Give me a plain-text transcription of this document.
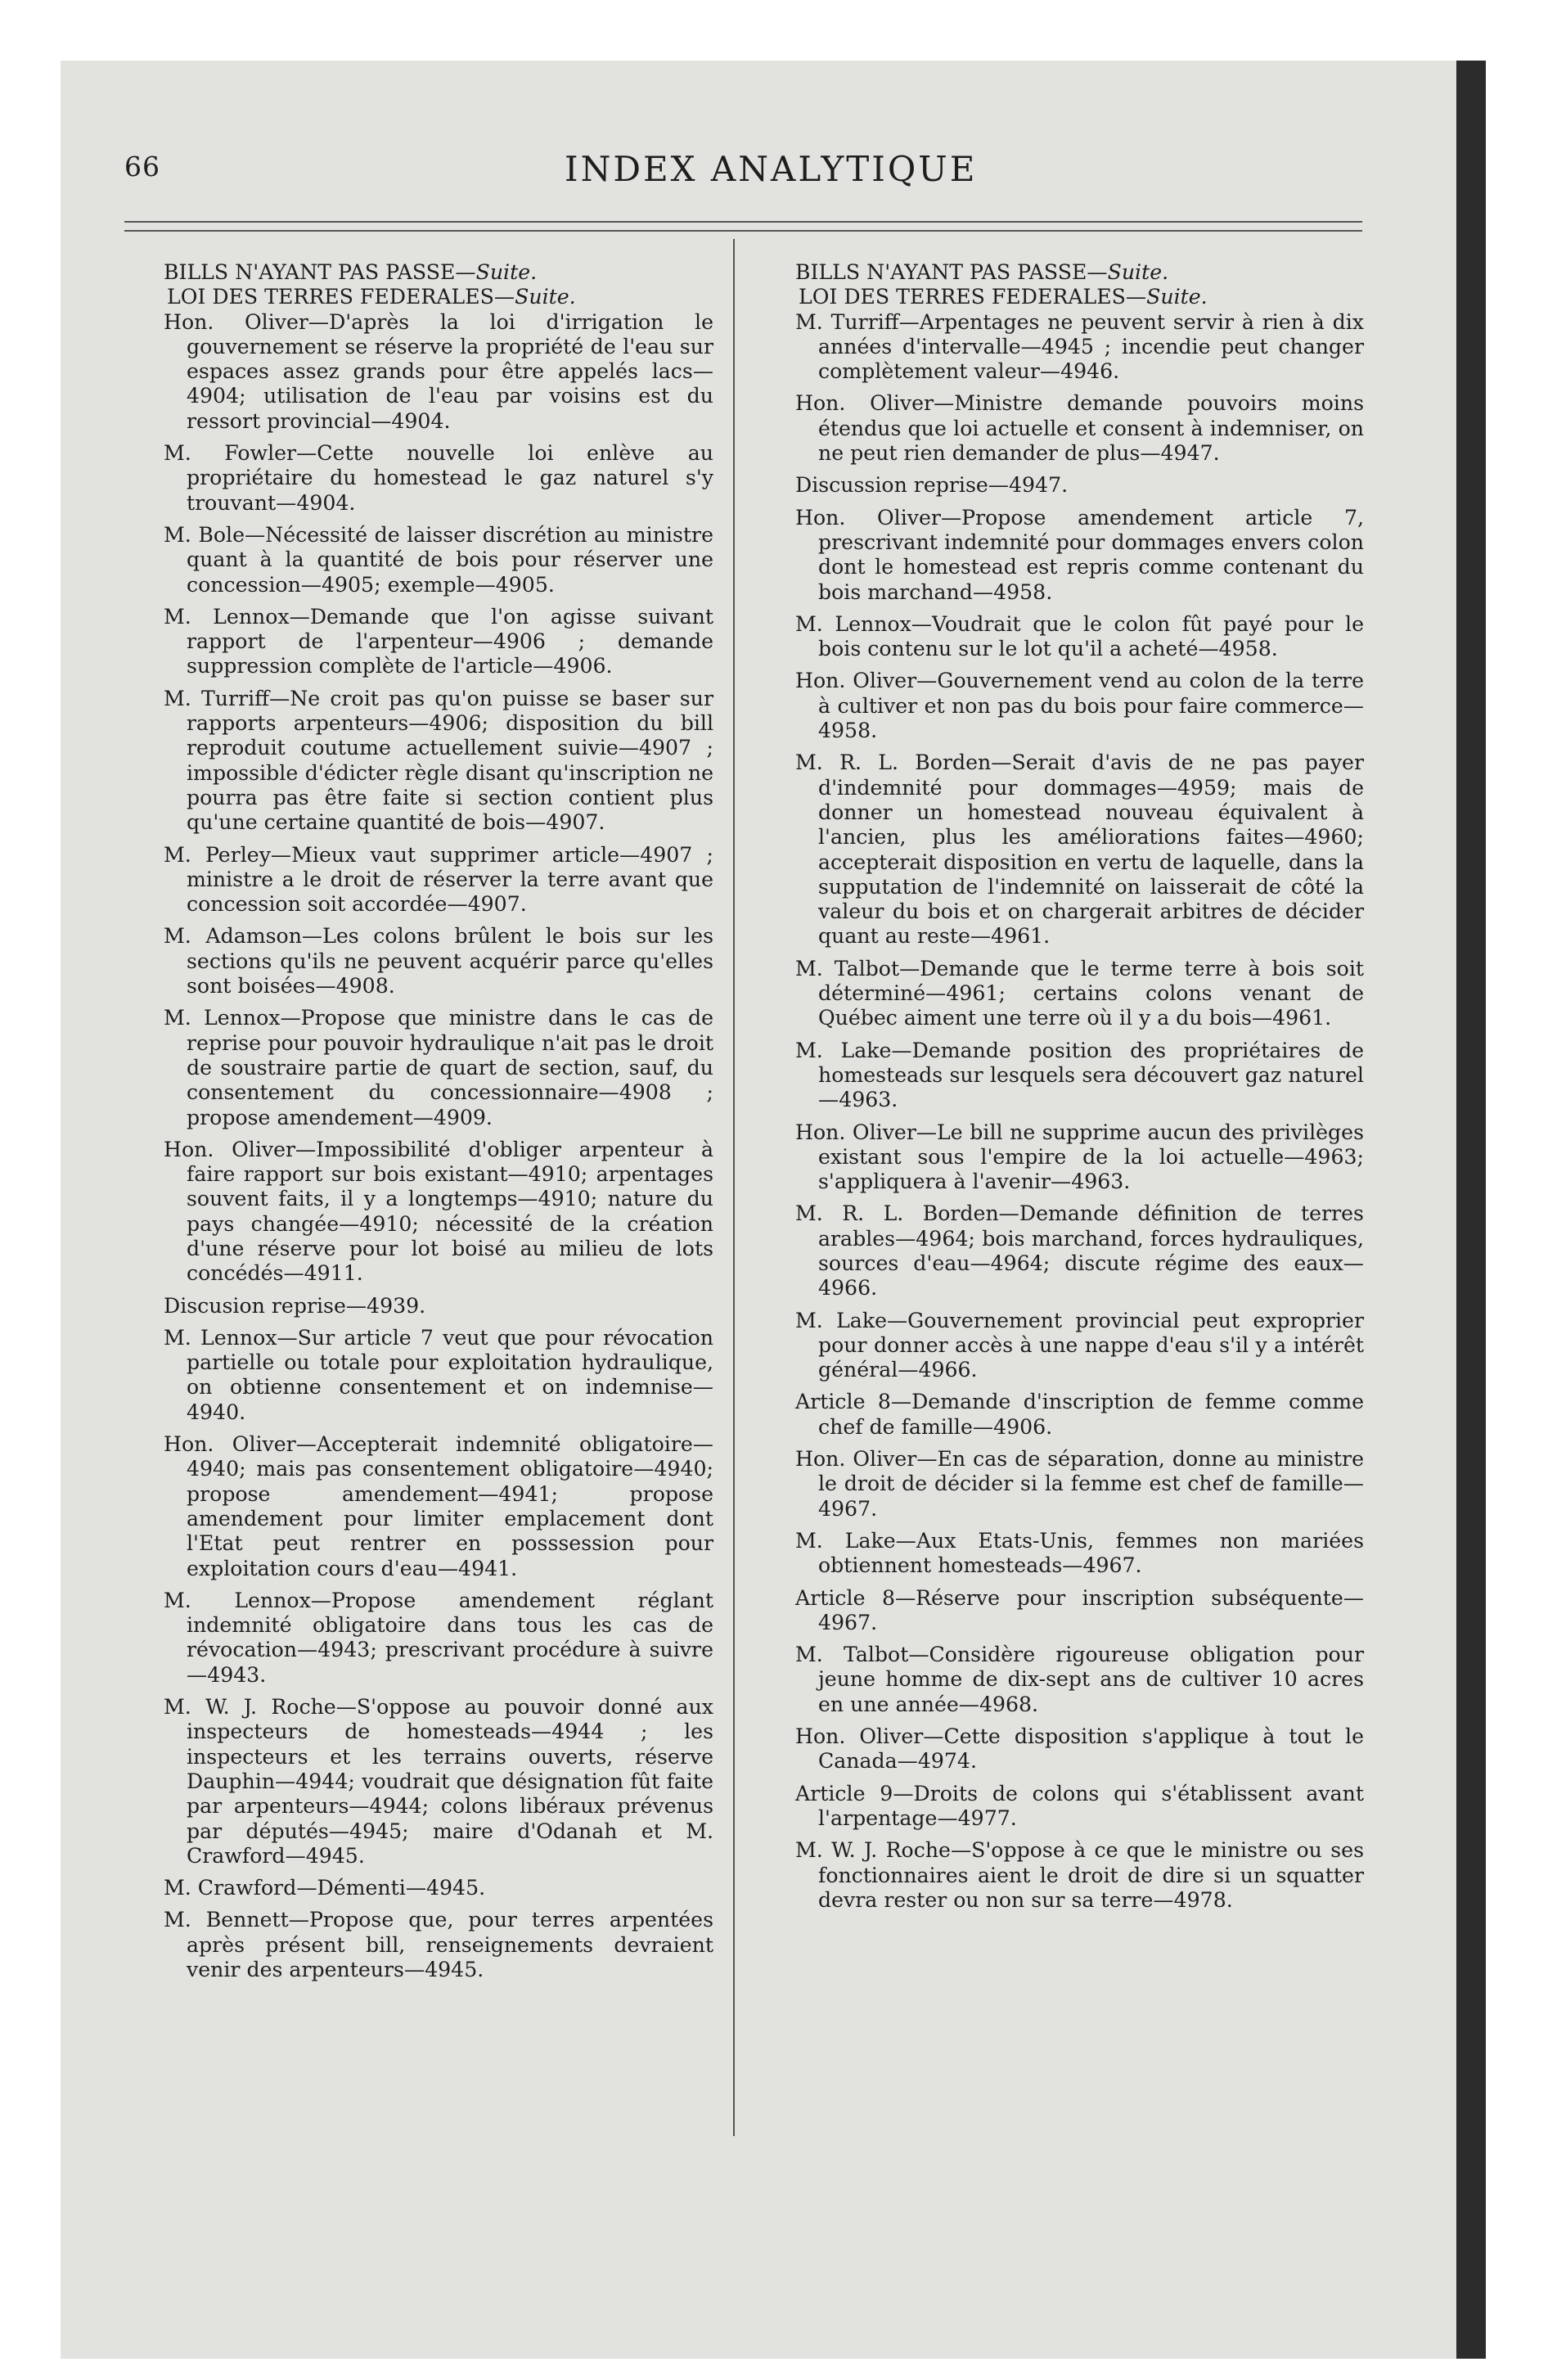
66	INDEX ANALYTIQUE

BILLS N'AYANT PAS PASSE—Suite.

LOI DES TERRES FEDERALES—Suite.

Hon. Oliver—D'après la loi d'irrigation le gouvernement se réserve la propriété de l'eau sur espaces assez grands pour être appelés lacs—4904; utilisation de l'eau par voisins est du ressort provincial—4904.

M. Fowler—Cette nouvelle loi enlève au propriétaire du homestead le gaz naturel s'y trouvant—4904.

M. Bole—Nécessité de laisser discrétion au ministre quant à la quantité de bois pour réserver une concession—4905; exemple—4905.

M. Lennox—Demande que l'on agisse suivant rapport de l'arpenteur—4906 ; demande suppression complète de l'article—4906.

M. Turriff—Ne croit pas qu'on puisse se baser sur rapports arpenteurs—4906; disposition du bill reproduit coutume actuellement suivie—4907 ; impossible d'édicter règle disant qu'inscription ne pourra pas être faite si section contient plus qu'une certaine quantité de bois—4907.

M. Perley—Mieux vaut supprimer article—4907 ; ministre a le droit de réserver la terre avant que concession soit accordée—4907.

M. Adamson—Les colons brûlent le bois sur les sections qu'ils ne peuvent acquérir parce qu'elles sont boisées—4908.

M. Lennox—Propose que ministre dans le cas de reprise pour pouvoir hydraulique n'ait pas le droit de soustraire partie de quart de section, sauf, du consentement du concessionnaire—4908 ; propose amendement—4909.

Hon. Oliver—Impossibilité d'obliger arpenteur à faire rapport sur bois existant—4910; arpentages souvent faits, il y a longtemps—4910; nature du pays changée—4910; nécessité de la création d'une réserve pour lot boisé au milieu de lots concédés—4911.

Discusion reprise—4939.

M. Lennox—Sur article 7 veut que pour révocation partielle ou totale pour exploitation hydraulique, on obtienne consentement et on indemnise—4940.

Hon. Oliver—Accepterait indemnité obligatoire—4940; mais pas consentement obligatoire—4940; propose amendement—4941; propose amendement pour limiter emplacement dont l'Etat peut rentrer en posssession pour exploitation cours d'eau—4941.

M. Lennox—Propose amendement réglant indemnité obligatoire dans tous les cas de révocation—4943; prescrivant procédure à suivre—4943.

M. W. J. Roche—S'oppose au pouvoir donné aux inspecteurs de homesteads—4944 ; les inspecteurs et les terrains ouverts, réserve Dauphin—4944; voudrait que désignation fût faite par arpenteurs—4944; colons libéraux prévenus par députés—4945; maire d'Odanah et M. Crawford—4945.

M. Crawford—Démenti—4945.

M. Bennett—Propose que, pour terres arpentées après présent bill, renseignements devraient venir des arpenteurs—4945.

BILLS N'AYANT PAS PASSE—Suite.

LOI DES TERRES FEDERALES—Suite.

M. Turriff—Arpentages ne peuvent servir à rien à dix années d'intervalle—4945 ; incendie peut changer complètement valeur—4946.

Hon. Oliver—Ministre demande pouvoirs moins étendus que loi actuelle et consent à indemniser, on ne peut rien demander de plus—4947.

Discussion reprise—4947.

Hon. Oliver—Propose amendement article 7, prescrivant indemnité pour dommages envers colon dont le homestead est repris comme contenant du bois marchand—4958.

M. Lennox—Voudrait que le colon fût payé pour le bois contenu sur le lot qu'il a acheté—4958.

Hon. Oliver—Gouvernement vend au colon de la terre à cultiver et non pas du bois pour faire commerce—4958.

M. R. L. Borden—Serait d'avis de ne pas payer d'indemnité pour dommages—4959; mais de donner un homestead nouveau équivalent à l'ancien, plus les améliorations faites—4960; accepterait disposition en vertu de laquelle, dans la supputation de l'indemnité on laisserait de côté la valeur du bois et on chargerait arbitres de décider quant au reste—4961.

M. Talbot—Demande que le terme terre à bois soit déterminé—4961; certains colons venant de Québec aiment une terre où il y a du bois—4961.

M. Lake—Demande position des propriétaires de homesteads sur lesquels sera découvert gaz naturel—4963.

Hon. Oliver—Le bill ne supprime aucun des privilèges existant sous l'empire de la loi actuelle—4963; s'appliquera à l'avenir—4963.

M. R. L. Borden—Demande définition de terres arables—4964; bois marchand, forces hydrauliques, sources d'eau—4964; discute régime des eaux—4966.

M. Lake—Gouvernement provincial peut exproprier pour donner accès à une nappe d'eau s'il y a intérêt général—4966.

Article 8—Demande d'inscription de femme comme chef de famille—4906.

Hon. Oliver—En cas de séparation, donne au ministre le droit de décider si la femme est chef de famille—4967.

M. Lake—Aux Etats-Unis, femmes non mariées obtiennent homesteads—4967.

Article 8—Réserve pour inscription subséquente—4967.

M. Talbot—Considère rigoureuse obligation pour jeune homme de dix-sept ans de cultiver 10 acres en une année—4968.

Hon. Oliver—Cette disposition s'applique à tout le Canada—4974.

Article 9—Droits de colons qui s'établissent avant l'arpentage—4977.

M. W. J. Roche—S'oppose à ce que le ministre ou ses fonctionnaires aient le droit de dire si un squatter devra rester ou non sur sa terre—4978.
